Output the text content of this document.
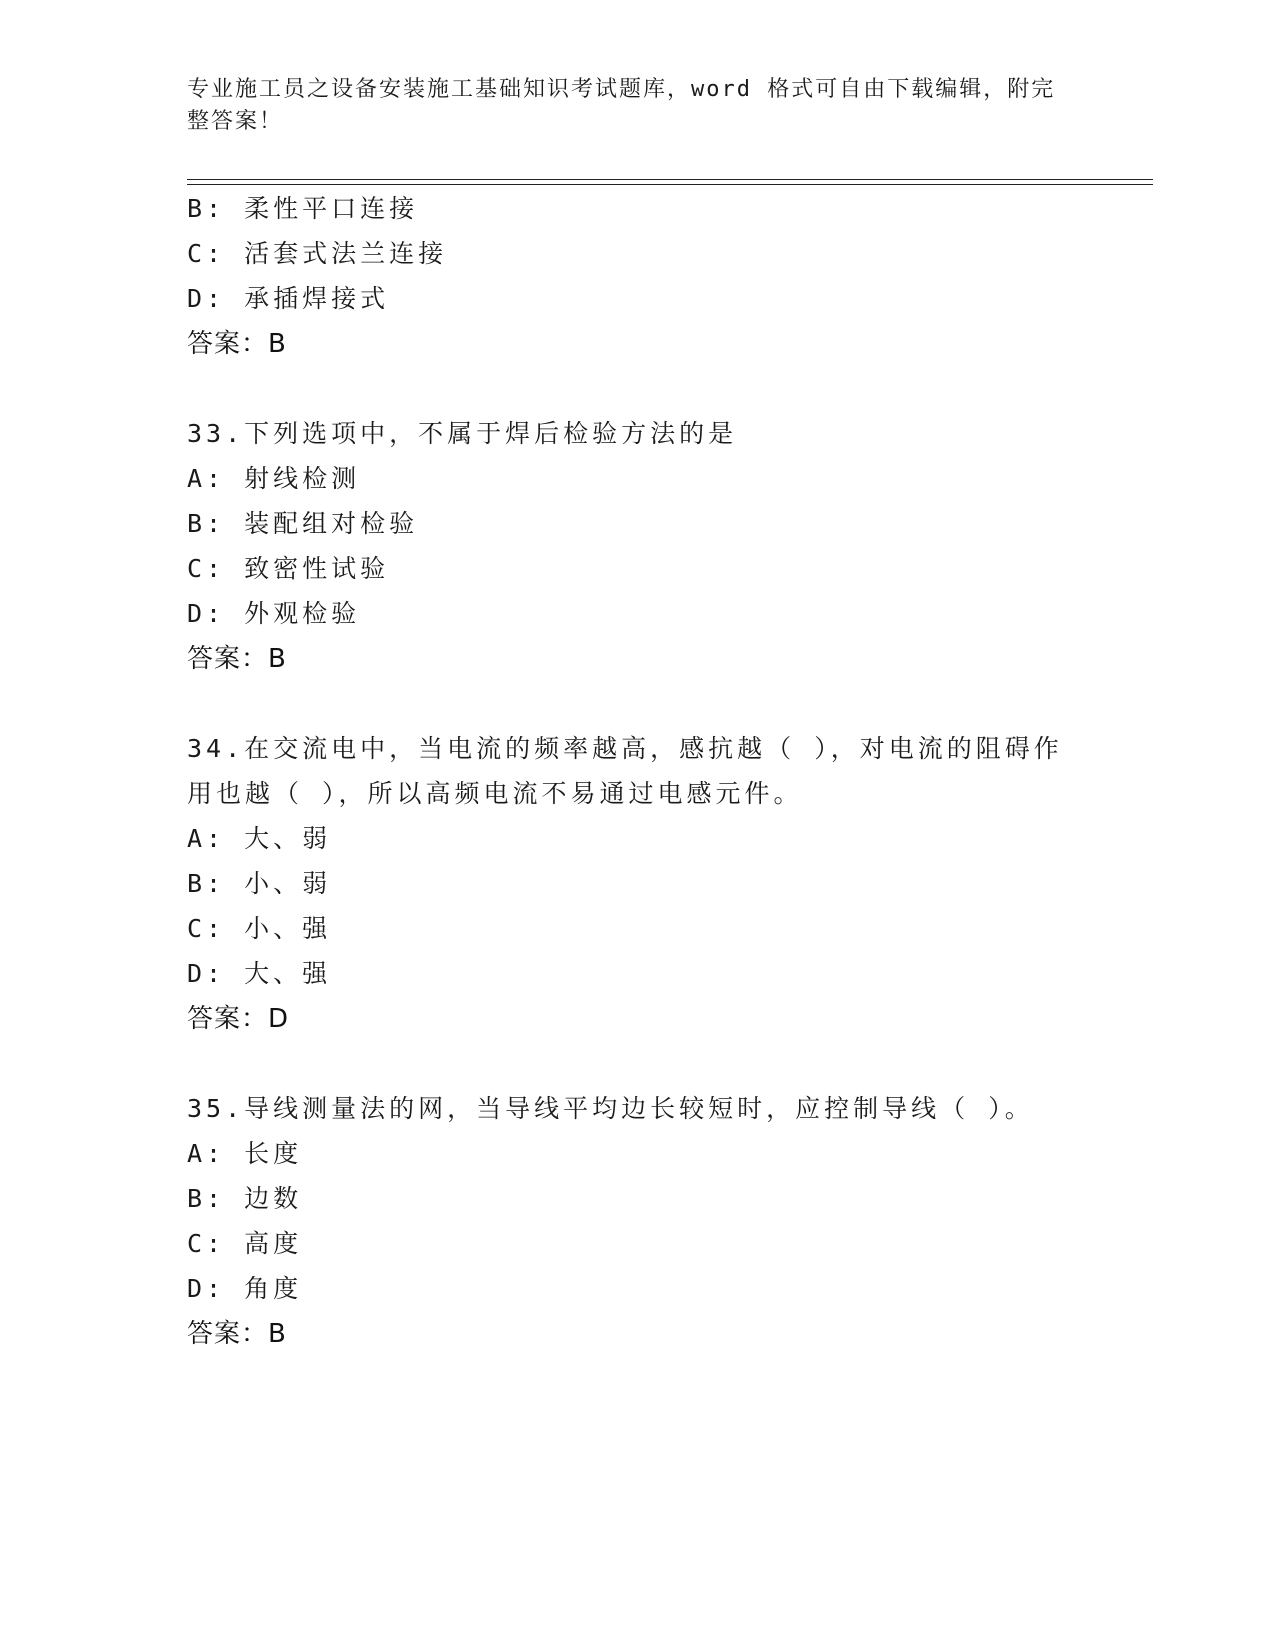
专业施工员之设备安装施工基础知识考试题库，word 格式可自由下载编辑，附完整答案！
B: 柔性平口连接
C: 活套式法兰连接
D: 承插焊接式
答案：B
33.下列选项中，不属于焊后检验方法的是
A: 射线检测
B: 装配组对检验
C: 致密性试验
D: 外观检验
答案：B
34.在交流电中，当电流的频率越高，感抗越（ ），对电流的阻碍作
用也越（ ），所以高频电流不易通过电感元件。
A: 大、弱
B: 小、弱
C: 小、强
D: 大、强
答案：D
35.导线测量法的网，当导线平均边长较短时，应控制导线（ ）。
A: 长度
B: 边数
C: 高度
D: 角度
答案：B
